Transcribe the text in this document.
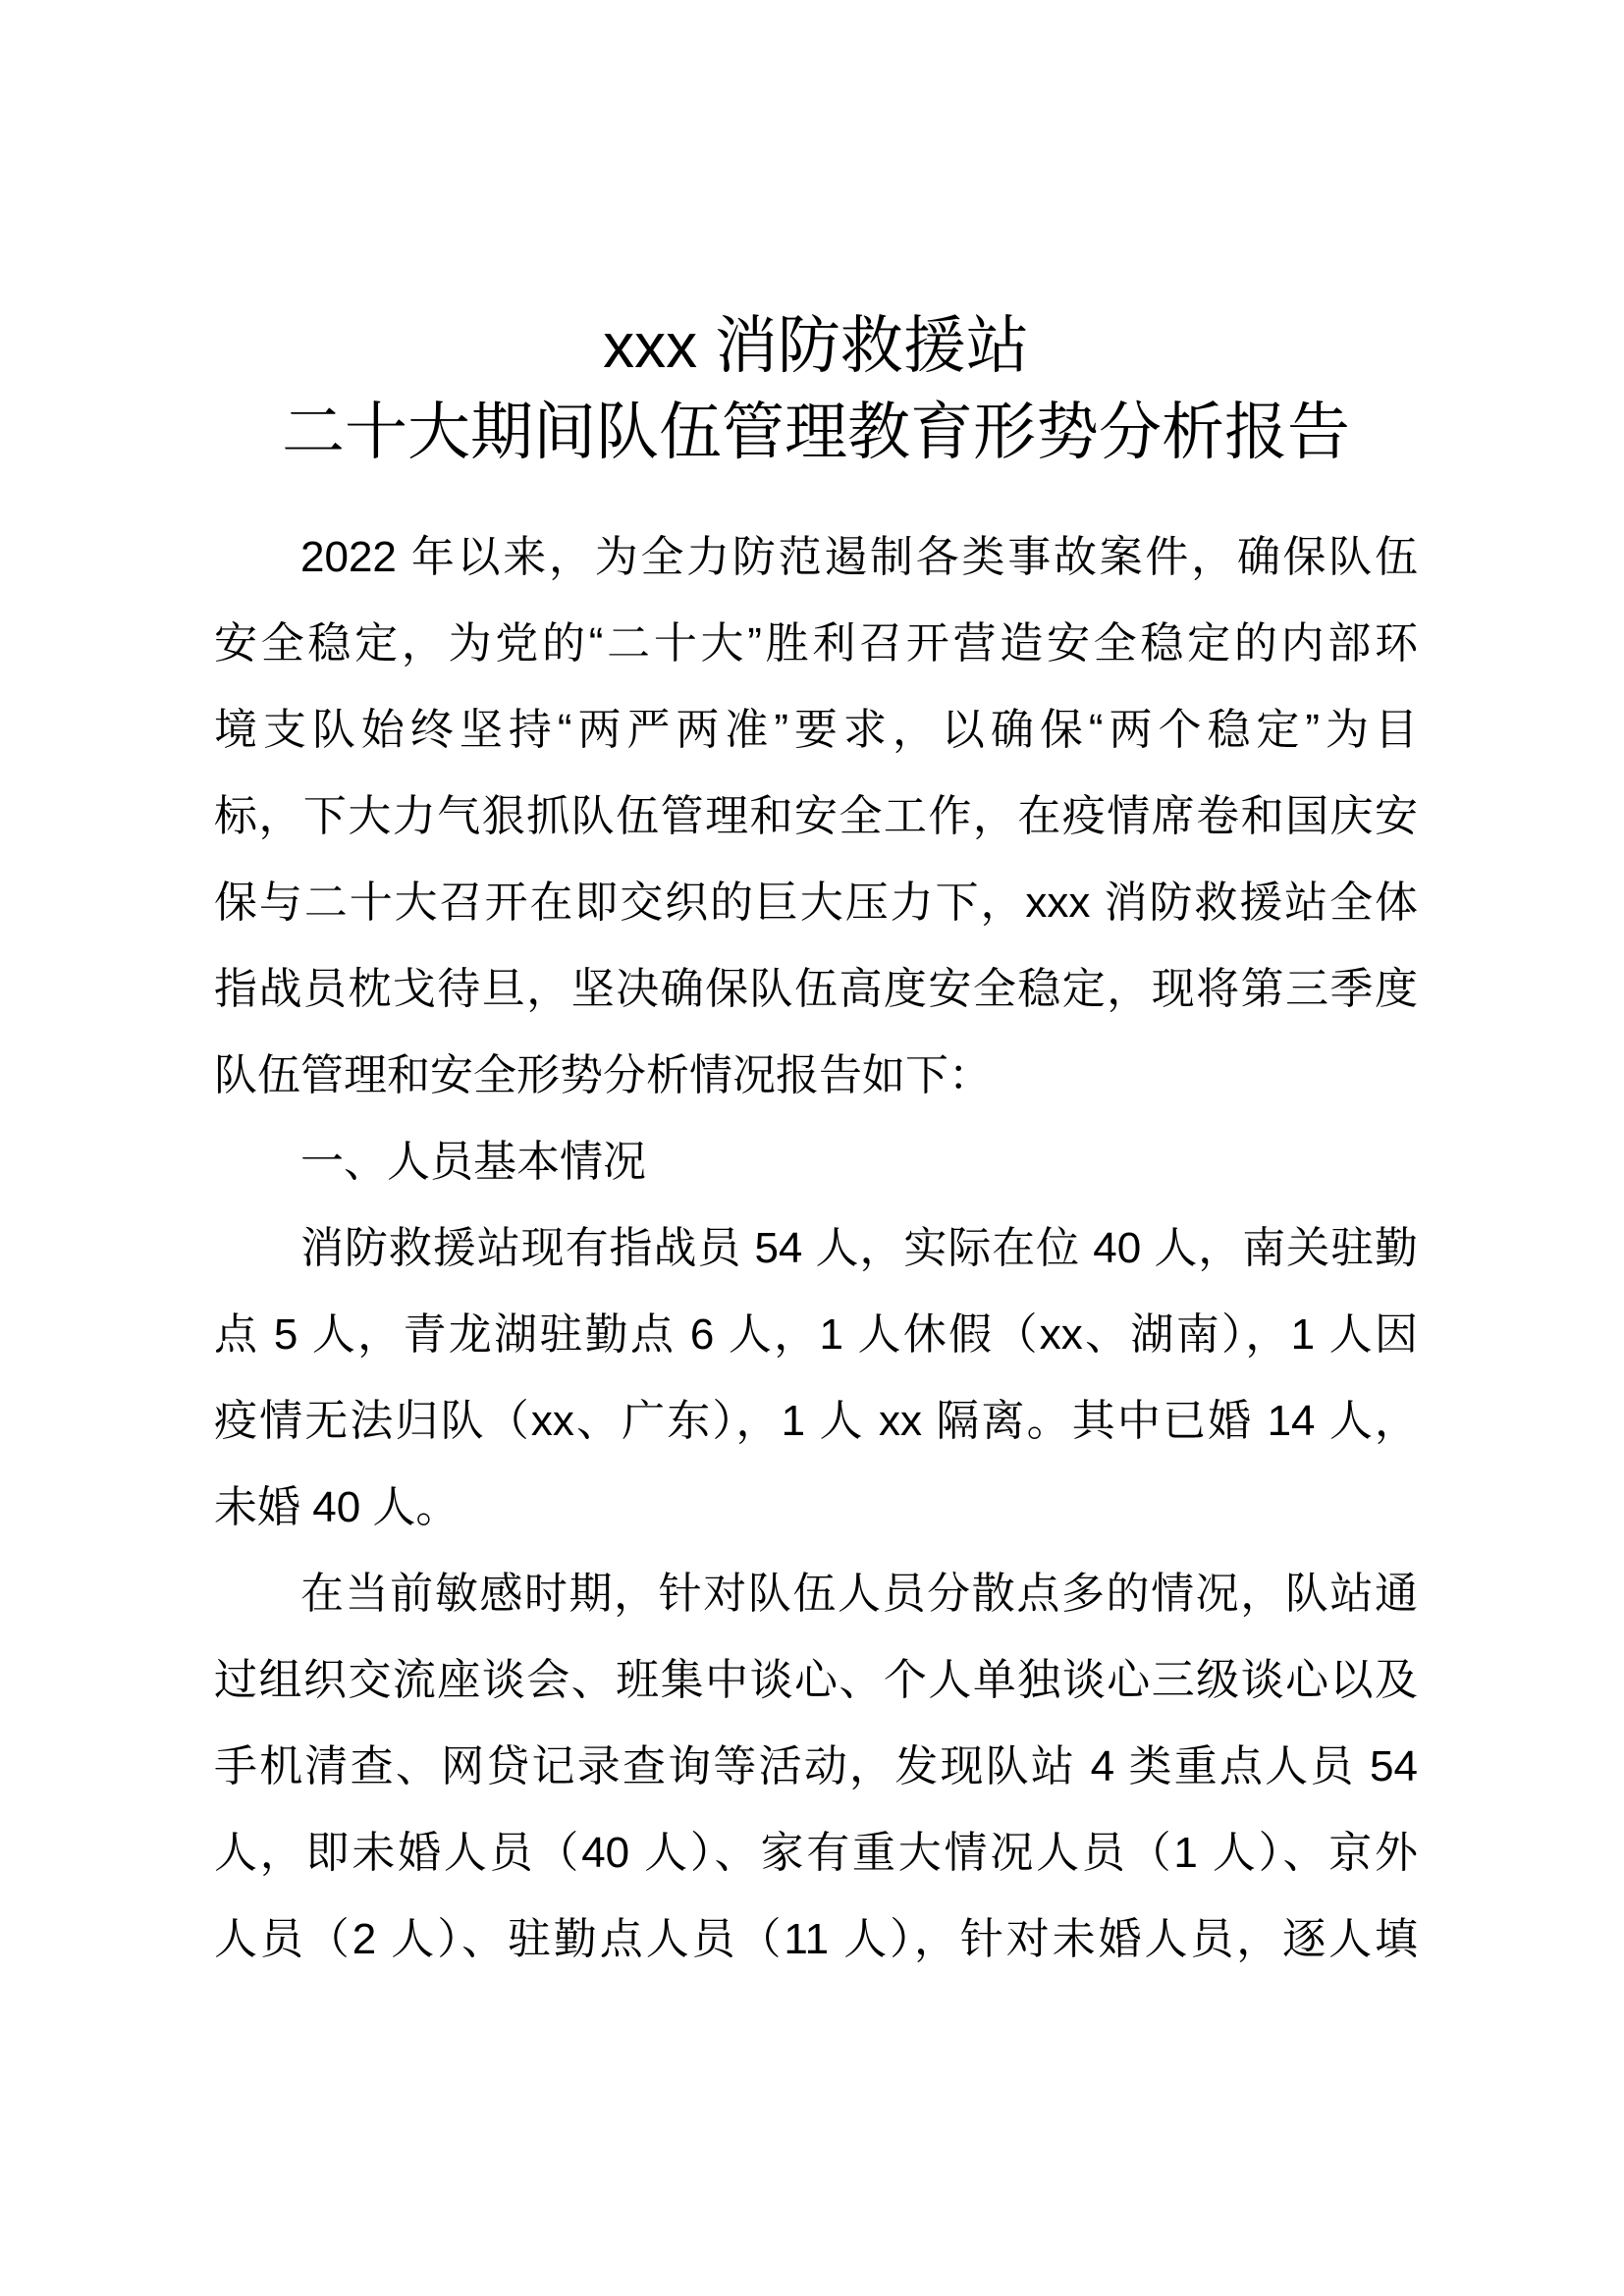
xxx 消防救援站
二十大期间队伍管理教育形势分析报告
2022 年以来，为全力防范遏制各类事故案件，确保队伍
安全稳定，为党的“二十大”胜利召开营造安全稳定的内部环
境支队始终坚持“两严两准”要求，以确保“两个稳定”为目
标，下大力气狠抓队伍管理和安全工作，在疫情席卷和国庆安
保与二十大召开在即交织的巨大压力下，xxx 消防救援站全体
指战员枕戈待旦，坚决确保队伍高度安全稳定，现将第三季度
队伍管理和安全形势分析情况报告如下：
一、人员基本情况
消防救援站现有指战员 54 人，实际在位 40 人，南关驻勤
点 5 人，青龙湖驻勤点 6 人，1 人休假（xx、湖南），1 人因
疫情无法归队（xx、广东），1 人 xx 隔离。其中已婚 14 人，
未婚 40 人。
在当前敏感时期，针对队伍人员分散点多的情况，队站通
过组织交流座谈会、班集中谈心、个人单独谈心三级谈心以及
手机清查、网贷记录查询等活动，发现队站 4 类重点人员 54
人，即未婚人员（40 人）、家有重大情况人员（1 人）、京外
人员（2 人）、驻勤点人员（11 人），针对未婚人员，逐人填
